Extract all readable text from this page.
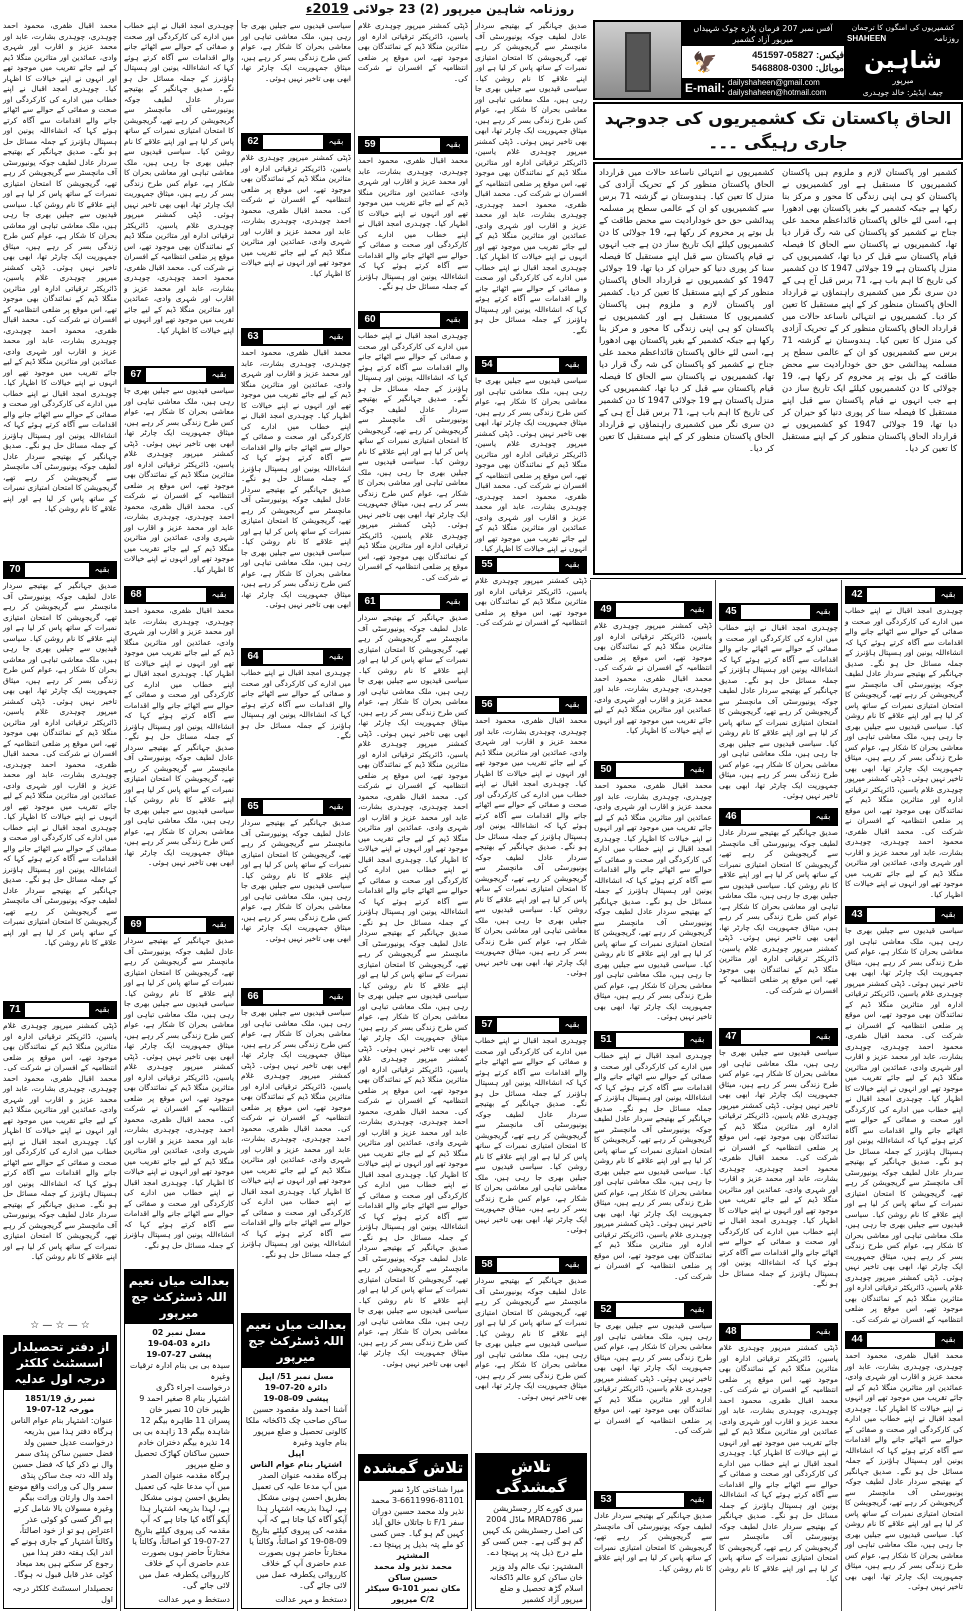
روزنامہ شاہین میرپور (2) 23 جولائی 2019ء
آفس نمبر 207 فرمان پلازہ چوک شہیداں میرپور آزاد کشمیر
🦅	فیکس: 05827-451597
موبائل: 0300-5468808
E-mail: dailyshaheen@gmail.com
dailyshaheen@hotmail.com
کشمیریوں کی امنگوں کا ترجمان
روزنامہ
SHAHEEN
شاہین
میرپور
چیف ایڈیٹر: خالد چوہدری
الحاق پاکستان تک کشمیریوں کی جدوجہد جاری رہیگی ۔۔۔
کشمیر اور پاکستان لازم و ملزوم ہیں پاکستان کشمیریوں کا مستقبل ہے اور کشمیریوں نے پاکستان کو ہی اپنی زندگی کا محور و مرکز بنا رکھا ہے جبکہ کشمیر کے بغیر پاکستان بھی ادھورا ہے، اسی لئے خالق پاکستان قائداعظم محمد علی جناح نے کشمیر کو پاکستان کی شہ رگ قرار دیا تھا، کشمیریوں نے پاکستان سے الحاق کا فیصلہ قیام پاکستان سے قبل کر دیا تھا، کشمیریوں کی منزل پاکستان ہے 19 جولائی 1947 کا دن کشمیر کی تاریخ کا اہم باب ہے، 71 برس قبل آج ہی کے دن سری نگر میں کشمیری راہنماؤں نے قرارداد الحاق پاکستان منظور کر کے اپنے مستقبل کا تعین کر دیا۔ کشمیریوں نے انتہائی ناساعد حالات میں قرارداد الحاق پاکستان منظور کر کے تحریک آزادی کی منزل کا تعین کیا۔ ہندوستان نے گزشتہ 71 برس سے کشمیریوں کو ان کے عالمی سطح پر مسلمہ پیدائشی حق حق خودارادیت سے محض طاقت کے بل بوتے پر محروم کر رکھا ہے، 19 جولائی کا دن کشمیریوں کیلئے ایک تاریخ ساز دن ہے جب انہوں نے قیام پاکستان سے قبل اپنے مستقبل کا فیصلہ سنا کر پوری دنیا کو حیران کر دیا تھا، 19 جولائی 1947 کو کشمیریوں نے قرارداد الحاق پاکستان منظور کر کے اپنے مستقبل کا تعین کر دیا۔
کشمیریوں نے انتہائی ناساعد حالات میں قرارداد الحاق پاکستان منظور کر کے تحریک آزادی کی منزل کا تعین کیا۔ ہندوستان نے گزشتہ 71 برس سے کشمیریوں کو ان کے عالمی سطح پر مسلمہ پیدائشی حق حق خودارادیت سے محض طاقت کے بل بوتے پر محروم کر رکھا ہے، 19 جولائی کا دن کشمیریوں کیلئے ایک تاریخ ساز دن ہے جب انہوں نے قیام پاکستان سے قبل اپنے مستقبل کا فیصلہ سنا کر پوری دنیا کو حیران کر دیا تھا، 19 جولائی 1947 کو کشمیریوں نے قرارداد الحاق پاکستان منظور کر کے اپنے مستقبل کا تعین کر دیا۔ کشمیر اور پاکستان لازم و ملزوم ہیں پاکستان کشمیریوں کا مستقبل ہے اور کشمیریوں نے پاکستان کو ہی اپنی زندگی کا محور و مرکز بنا رکھا ہے جبکہ کشمیر کے بغیر پاکستان بھی ادھورا ہے، اسی لئے خالق پاکستان قائداعظم محمد علی جناح نے کشمیر کو پاکستان کی شہ رگ قرار دیا تھا، کشمیریوں نے پاکستان سے الحاق کا فیصلہ قیام پاکستان سے قبل کر دیا تھا، کشمیریوں کی منزل پاکستان ہے 19 جولائی 1947 کا دن کشمیر کی تاریخ کا اہم باب ہے، 71 برس قبل آج ہی کے دن سری نگر میں کشمیری راہنماؤں نے قرارداد الحاق پاکستان منظور کر کے اپنے مستقبل کا تعین کر دیا۔
محمد اقبال ظفری، محمود احمد چوہدری، چوہدری بشارت، عابد اور محمد عزیز و اقارب اور شہری وادی، عمائدین اور متاثرین منگلا ڈیم کے لیے جائے تقریب میں موجود تھے اور انہوں نے اپنے خیالات کا اظہار کیا۔ چوہدری امجد اقبال نے اپنے خطاب میں ادارے کی کارکردگی اور صحت و صفائی کے حوالے سے اٹھائے جانے والے اقدامات سے آگاہ کرتے ہوئے کہا کہ انشاءاللہ یونین اور ہسپتال ہاؤنرز کے جملہ مسائل حل ہو نگے۔ صدیق جہانگیر کے بھتیجے سردار عادل لطیف جوکہ یونیورسٹی آف مانچسٹر سے گریجویشن کر رہے تھے، گریجویشن کا امتحان امتیازی نمبرات کے ساتھ پاس کر لیا ہے اور اپنے علاقے کا نام روشن کیا۔ سیاسی قیدیوں سے جیلیں بھری جا رہی ہیں، ملک معاشی تباہی اور معاشی بحران کا شکار ہے، عوام کس طرح زندگی بسر کر رہے ہیں، میثاق جمہوریت ایک چارٹر تھا، ابھی بھی تاخیر نہیں ہوئی۔ ڈپٹی کمشنر میرپور چوہدری غلام یاسین، ڈائریکٹر ترقیاتی ادارہ اور متاثرین منگلا ڈیم کے نمائندگان بھی موجود تھے، اس موقع پر ضلعی انتظامیہ کے افسران نے شرکت کی۔ محمد اقبال ظفری، محمود احمد چوہدری، چوہدری بشارت، عابد اور محمد عزیز و اقارب اور شہری وادی، عمائدین اور متاثرین منگلا ڈیم کے لیے جائے تقریب میں موجود تھے اور انہوں نے اپنے خیالات کا اظہار کیا۔ چوہدری امجد اقبال نے اپنے خطاب میں ادارے کی کارکردگی اور صحت و صفائی کے حوالے سے اٹھائے جانے والے اقدامات سے آگاہ کرتے ہوئے کہا کہ انشاءاللہ یونین اور ہسپتال ہاؤنرز کے جملہ مسائل حل ہو نگے۔ صدیق جہانگیر کے بھتیجے سردار عادل لطیف جوکہ یونیورسٹی آف مانچسٹر سے گریجویشن کر رہے تھے، گریجویشن کا امتحان امتیازی نمبرات کے ساتھ پاس کر لیا ہے اور اپنے علاقے کا نام روشن کیا۔
70	بقیہ
صدیق جہانگیر کے بھتیجے سردار عادل لطیف جوکہ یونیورسٹی آف مانچسٹر سے گریجویشن کر رہے تھے، گریجویشن کا امتحان امتیازی نمبرات کے ساتھ پاس کر لیا ہے اور اپنے علاقے کا نام روشن کیا۔ سیاسی قیدیوں سے جیلیں بھری جا رہی ہیں، ملک معاشی تباہی اور معاشی بحران کا شکار ہے، عوام کس طرح زندگی بسر کر رہے ہیں، میثاق جمہوریت ایک چارٹر تھا، ابھی بھی تاخیر نہیں ہوئی۔ ڈپٹی کمشنر میرپور چوہدری غلام یاسین، ڈائریکٹر ترقیاتی ادارہ اور متاثرین منگلا ڈیم کے نمائندگان بھی موجود تھے، اس موقع پر ضلعی انتظامیہ کے افسران نے شرکت کی۔ محمد اقبال ظفری، محمود احمد چوہدری، چوہدری بشارت، عابد اور محمد عزیز و اقارب اور شہری وادی، عمائدین اور متاثرین منگلا ڈیم کے لیے جائے تقریب میں موجود تھے اور انہوں نے اپنے خیالات کا اظہار کیا۔ چوہدری امجد اقبال نے اپنے خطاب میں ادارے کی کارکردگی اور صحت و صفائی کے حوالے سے اٹھائے جانے والے اقدامات سے آگاہ کرتے ہوئے کہا کہ انشاءاللہ یونین اور ہسپتال ہاؤنرز کے جملہ مسائل حل ہو نگے۔ صدیق جہانگیر کے بھتیجے سردار عادل لطیف جوکہ یونیورسٹی آف مانچسٹر سے گریجویشن کر رہے تھے، گریجویشن کا امتحان امتیازی نمبرات کے ساتھ پاس کر لیا ہے اور اپنے علاقے کا نام روشن کیا۔
71	بقیہ
ڈپٹی کمشنر میرپور چوہدری غلام یاسین، ڈائریکٹر ترقیاتی ادارہ اور متاثرین منگلا ڈیم کے نمائندگان بھی موجود تھے، اس موقع پر ضلعی انتظامیہ کے افسران نے شرکت کی۔ محمد اقبال ظفری، محمود احمد چوہدری، چوہدری بشارت، عابد اور محمد عزیز و اقارب اور شہری وادی، عمائدین اور متاثرین منگلا ڈیم کے لیے جائے تقریب میں موجود تھے اور انہوں نے اپنے خیالات کا اظہار کیا۔ چوہدری امجد اقبال نے اپنے خطاب میں ادارے کی کارکردگی اور صحت و صفائی کے حوالے سے اٹھائے جانے والے اقدامات سے آگاہ کرتے ہوئے کہا کہ انشاءاللہ یونین اور ہسپتال ہاؤنرز کے جملہ مسائل حل ہو نگے۔ صدیق جہانگیر کے بھتیجے سردار عادل لطیف جوکہ یونیورسٹی آف مانچسٹر سے گریجویشن کر رہے تھے، گریجویشن کا امتحان امتیازی نمبرات کے ساتھ پاس کر لیا ہے اور اپنے علاقے کا نام روشن کیا۔
☆ — ☆ — ☆
از دفتر تحصیلدار اسسٹنٹ کلکٹر درجہ اول عدلیہ
نمبر رق 1851/19
مورخہ 12-07-19
عنوان: اشتہار بنام عوام الناس
ہرگاہ دفتر ہذا میں بذریعہ درخواست عدیل حسین ولد فضل حسین ساکن پنڈی سمر وال نے ذکر کیا کہ فضل حسین ولد اللہ دتہ جٹ ساکن پنڈی سمر وال کی وراثت واقع موضع احمد وال وارثان وراثت بیگم وغیرہ مسولان بالا شامل کرتے ہے اگر کسی کو کوئی عذر اعتراض ہو تو از خود اصالتاً، وکالتاً اشتہار کے جاری ہونے کے اندر ایک ہفتہ دفتر ہذا میں رجوع کر سکتے ہیں بعد میعاد کوئی عذر قابل قبول نہ ہوگا۔
تحصیلدار اسسٹنٹ کلکٹر درجہ اول
چوہدری امجد اقبال نے اپنے خطاب میں ادارے کی کارکردگی اور صحت و صفائی کے حوالے سے اٹھائے جانے والے اقدامات سے آگاہ کرتے ہوئے کہا کہ انشاءاللہ یونین اور ہسپتال ہاؤنرز کے جملہ مسائل حل ہو نگے۔ صدیق جہانگیر کے بھتیجے سردار عادل لطیف جوکہ یونیورسٹی آف مانچسٹر سے گریجویشن کر رہے تھے، گریجویشن کا امتحان امتیازی نمبرات کے ساتھ پاس کر لیا ہے اور اپنے علاقے کا نام روشن کیا۔ سیاسی قیدیوں سے جیلیں بھری جا رہی ہیں، ملک معاشی تباہی اور معاشی بحران کا شکار ہے، عوام کس طرح زندگی بسر کر رہے ہیں، میثاق جمہوریت ایک چارٹر تھا، ابھی بھی تاخیر نہیں ہوئی۔ ڈپٹی کمشنر میرپور چوہدری غلام یاسین، ڈائریکٹر ترقیاتی ادارہ اور متاثرین منگلا ڈیم کے نمائندگان بھی موجود تھے، اس موقع پر ضلعی انتظامیہ کے افسران نے شرکت کی۔ محمد اقبال ظفری، محمود احمد چوہدری، چوہدری بشارت، عابد اور محمد عزیز و اقارب اور شہری وادی، عمائدین اور متاثرین منگلا ڈیم کے لیے جائے تقریب میں موجود تھے اور انہوں نے اپنے خیالات کا اظہار کیا۔
67	بقیہ
سیاسی قیدیوں سے جیلیں بھری جا رہی ہیں، ملک معاشی تباہی اور معاشی بحران کا شکار ہے، عوام کس طرح زندگی بسر کر رہے ہیں، میثاق جمہوریت ایک چارٹر تھا، ابھی بھی تاخیر نہیں ہوئی۔ ڈپٹی کمشنر میرپور چوہدری غلام یاسین، ڈائریکٹر ترقیاتی ادارہ اور متاثرین منگلا ڈیم کے نمائندگان بھی موجود تھے، اس موقع پر ضلعی انتظامیہ کے افسران نے شرکت کی۔ محمد اقبال ظفری، محمود احمد چوہدری، چوہدری بشارت، عابد اور محمد عزیز و اقارب اور شہری وادی، عمائدین اور متاثرین منگلا ڈیم کے لیے جائے تقریب میں موجود تھے اور انہوں نے اپنے خیالات کا اظہار کیا۔
68	بقیہ
محمد اقبال ظفری، محمود احمد چوہدری، چوہدری بشارت، عابد اور محمد عزیز و اقارب اور شہری وادی، عمائدین اور متاثرین منگلا ڈیم کے لیے جائے تقریب میں موجود تھے اور انہوں نے اپنے خیالات کا اظہار کیا۔ چوہدری امجد اقبال نے اپنے خطاب میں ادارے کی کارکردگی اور صحت و صفائی کے حوالے سے اٹھائے جانے والے اقدامات سے آگاہ کرتے ہوئے کہا کہ انشاءاللہ یونین اور ہسپتال ہاؤنرز کے جملہ مسائل حل ہو نگے۔ صدیق جہانگیر کے بھتیجے سردار عادل لطیف جوکہ یونیورسٹی آف مانچسٹر سے گریجویشن کر رہے تھے، گریجویشن کا امتحان امتیازی نمبرات کے ساتھ پاس کر لیا ہے اور اپنے علاقے کا نام روشن کیا۔ سیاسی قیدیوں سے جیلیں بھری جا رہی ہیں، ملک معاشی تباہی اور معاشی بحران کا شکار ہے، عوام کس طرح زندگی بسر کر رہے ہیں، میثاق جمہوریت ایک چارٹر تھا، ابھی بھی تاخیر نہیں ہوئی۔
69	بقیہ
صدیق جہانگیر کے بھتیجے سردار عادل لطیف جوکہ یونیورسٹی آف مانچسٹر سے گریجویشن کر رہے تھے، گریجویشن کا امتحان امتیازی نمبرات کے ساتھ پاس کر لیا ہے اور اپنے علاقے کا نام روشن کیا۔ سیاسی قیدیوں سے جیلیں بھری جا رہی ہیں، ملک معاشی تباہی اور معاشی بحران کا شکار ہے، عوام کس طرح زندگی بسر کر رہے ہیں، میثاق جمہوریت ایک چارٹر تھا، ابھی بھی تاخیر نہیں ہوئی۔ ڈپٹی کمشنر میرپور چوہدری غلام یاسین، ڈائریکٹر ترقیاتی ادارہ اور متاثرین منگلا ڈیم کے نمائندگان بھی موجود تھے، اس موقع پر ضلعی انتظامیہ کے افسران نے شرکت کی۔ محمد اقبال ظفری، محمود احمد چوہدری، چوہدری بشارت، عابد اور محمد عزیز و اقارب اور شہری وادی، عمائدین اور متاثرین منگلا ڈیم کے لیے جائے تقریب میں موجود تھے اور انہوں نے اپنے خیالات کا اظہار کیا۔ چوہدری امجد اقبال نے اپنے خطاب میں ادارے کی کارکردگی اور صحت و صفائی کے حوالے سے اٹھائے جانے والے اقدامات سے آگاہ کرتے ہوئے کہا کہ انشاءاللہ یونین اور ہسپتال ہاؤنرز کے جملہ مسائل حل ہو نگے۔
بعدالت میاں نعیم اللہ ڈسٹرکٹ جج
میرپور
مسل نمبر 02
دائرہ 03-04-19
پیشی 27-07-19
سیدہ بی بی بنام ادارہ ترقیات وغیرہ
درخواست اجراء ڈگری
اشتہار بنام 8 صغیر احمد 9 ظہیر خان 10 نصیر خان پسران 11 طاہرہ بیگم 12 شاہدہ بیگم 13 زاہدہ بی بی 14 نذیرہ بیگم دختران خادم حسین ساکنان کھاڑک تحصیل و ضلع میرپور
ہرگاہ مقدمہ عنوان الصدر میں آپ مدعا علیہ کی تعمیل بطریق احسن ہونی مشکل ہے، لہذا بذریعہ اشتہار ہذا آپکو آگاہ کیا جاتا ہے کہ آپ مقدمہ کی پیروی کیلئے بتاریخ 27-07-19 کو اصالتاً، وکالتاً یا مختارتاً حاضر ہوں بصورت عدم حاضری آپ کے خلاف کارروائی یکطرفہ عمل میں لائی جائے گی۔
دستخط و مہر عدالت
سیاسی قیدیوں سے جیلیں بھری جا رہی ہیں، ملک معاشی تباہی اور معاشی بحران کا شکار ہے، عوام کس طرح زندگی بسر کر رہے ہیں، میثاق جمہوریت ایک چارٹر تھا، ابھی بھی تاخیر نہیں ہوئی۔
62	بقیہ
ڈپٹی کمشنر میرپور چوہدری غلام یاسین، ڈائریکٹر ترقیاتی ادارہ اور متاثرین منگلا ڈیم کے نمائندگان بھی موجود تھے، اس موقع پر ضلعی انتظامیہ کے افسران نے شرکت کی۔ محمد اقبال ظفری، محمود احمد چوہدری، چوہدری بشارت، عابد اور محمد عزیز و اقارب اور شہری وادی، عمائدین اور متاثرین منگلا ڈیم کے لیے جائے تقریب میں موجود تھے اور انہوں نے اپنے خیالات کا اظہار کیا۔
63	بقیہ
محمد اقبال ظفری، محمود احمد چوہدری، چوہدری بشارت، عابد اور محمد عزیز و اقارب اور شہری وادی، عمائدین اور متاثرین منگلا ڈیم کے لیے جائے تقریب میں موجود تھے اور انہوں نے اپنے خیالات کا اظہار کیا۔ چوہدری امجد اقبال نے اپنے خطاب میں ادارے کی کارکردگی اور صحت و صفائی کے حوالے سے اٹھائے جانے والے اقدامات سے آگاہ کرتے ہوئے کہا کہ انشاءاللہ یونین اور ہسپتال ہاؤنرز کے جملہ مسائل حل ہو نگے۔ صدیق جہانگیر کے بھتیجے سردار عادل لطیف جوکہ یونیورسٹی آف مانچسٹر سے گریجویشن کر رہے تھے، گریجویشن کا امتحان امتیازی نمبرات کے ساتھ پاس کر لیا ہے اور اپنے علاقے کا نام روشن کیا۔ سیاسی قیدیوں سے جیلیں بھری جا رہی ہیں، ملک معاشی تباہی اور معاشی بحران کا شکار ہے، عوام کس طرح زندگی بسر کر رہے ہیں، میثاق جمہوریت ایک چارٹر تھا، ابھی بھی تاخیر نہیں ہوئی۔
64	بقیہ
چوہدری امجد اقبال نے اپنے خطاب میں ادارے کی کارکردگی اور صحت و صفائی کے حوالے سے اٹھائے جانے والے اقدامات سے آگاہ کرتے ہوئے کہا کہ انشاءاللہ یونین اور ہسپتال ہاؤنرز کے جملہ مسائل حل ہو نگے۔
65	بقیہ
صدیق جہانگیر کے بھتیجے سردار عادل لطیف جوکہ یونیورسٹی آف مانچسٹر سے گریجویشن کر رہے تھے، گریجویشن کا امتحان امتیازی نمبرات کے ساتھ پاس کر لیا ہے اور اپنے علاقے کا نام روشن کیا۔ سیاسی قیدیوں سے جیلیں بھری جا رہی ہیں، ملک معاشی تباہی اور معاشی بحران کا شکار ہے، عوام کس طرح زندگی بسر کر رہے ہیں، میثاق جمہوریت ایک چارٹر تھا، ابھی بھی تاخیر نہیں ہوئی۔
66	بقیہ
سیاسی قیدیوں سے جیلیں بھری جا رہی ہیں، ملک معاشی تباہی اور معاشی بحران کا شکار ہے، عوام کس طرح زندگی بسر کر رہے ہیں، میثاق جمہوریت ایک چارٹر تھا، ابھی بھی تاخیر نہیں ہوئی۔ ڈپٹی کمشنر میرپور چوہدری غلام یاسین، ڈائریکٹر ترقیاتی ادارہ اور متاثرین منگلا ڈیم کے نمائندگان بھی موجود تھے، اس موقع پر ضلعی انتظامیہ کے افسران نے شرکت کی۔ محمد اقبال ظفری، محمود احمد چوہدری، چوہدری بشارت، عابد اور محمد عزیز و اقارب اور شہری وادی، عمائدین اور متاثرین منگلا ڈیم کے لیے جائے تقریب میں موجود تھے اور انہوں نے اپنے خیالات کا اظہار کیا۔ چوہدری امجد اقبال نے اپنے خطاب میں ادارے کی کارکردگی اور صحت و صفائی کے حوالے سے اٹھائے جانے والے اقدامات سے آگاہ کرتے ہوئے کہا کہ انشاءاللہ یونین اور ہسپتال ہاؤنرز کے جملہ مسائل حل ہو نگے۔
بعدالت میاں نعیم اللہ ڈسٹرکٹ جج
میرپور
مسل نمبر 51/ اپیل
دائرہ 20-07-19
پیشی 09-08-19
آشنا احمد ولد مقصود حسین ساکن صاحب چک ڈاکخانہ ملکا کالونی تحصیل و ضلع میرپور بنام جاوید وغیرہ
اپیل
اشتہار بنام عوام الناس
ہرگاہ مقدمہ عنوان الصدر میں آپ مدعا علیہ کی تعمیل بطریق احسن ہونی مشکل ہے، لہذا بذریعہ اشتہار ہذا آپکو آگاہ کیا جاتا ہے کہ آپ مقدمہ کی پیروی کیلئے بتاریخ 09-08-19 کو اصالتاً، وکالتاً یا مختارتاً حاضر ہوں بصورت عدم حاضری آپ کے خلاف کارروائی یکطرفہ عمل میں لائی جائے گی۔
دستخط و مہر عدالت
ڈپٹی کمشنر میرپور چوہدری غلام یاسین، ڈائریکٹر ترقیاتی ادارہ اور متاثرین منگلا ڈیم کے نمائندگان بھی موجود تھے، اس موقع پر ضلعی انتظامیہ کے افسران نے شرکت کی۔
59	بقیہ
محمد اقبال ظفری، محمود احمد چوہدری، چوہدری بشارت، عابد اور محمد عزیز و اقارب اور شہری وادی، عمائدین اور متاثرین منگلا ڈیم کے لیے جائے تقریب میں موجود تھے اور انہوں نے اپنے خیالات کا اظہار کیا۔ چوہدری امجد اقبال نے اپنے خطاب میں ادارے کی کارکردگی اور صحت و صفائی کے حوالے سے اٹھائے جانے والے اقدامات سے آگاہ کرتے ہوئے کہا کہ انشاءاللہ یونین اور ہسپتال ہاؤنرز کے جملہ مسائل حل ہو نگے۔
60	بقیہ
چوہدری امجد اقبال نے اپنے خطاب میں ادارے کی کارکردگی اور صحت و صفائی کے حوالے سے اٹھائے جانے والے اقدامات سے آگاہ کرتے ہوئے کہا کہ انشاءاللہ یونین اور ہسپتال ہاؤنرز کے جملہ مسائل حل ہو نگے۔ صدیق جہانگیر کے بھتیجے سردار عادل لطیف جوکہ یونیورسٹی آف مانچسٹر سے گریجویشن کر رہے تھے، گریجویشن کا امتحان امتیازی نمبرات کے ساتھ پاس کر لیا ہے اور اپنے علاقے کا نام روشن کیا۔ سیاسی قیدیوں سے جیلیں بھری جا رہی ہیں، ملک معاشی تباہی اور معاشی بحران کا شکار ہے، عوام کس طرح زندگی بسر کر رہے ہیں، میثاق جمہوریت ایک چارٹر تھا، ابھی بھی تاخیر نہیں ہوئی۔ ڈپٹی کمشنر میرپور چوہدری غلام یاسین، ڈائریکٹر ترقیاتی ادارہ اور متاثرین منگلا ڈیم کے نمائندگان بھی موجود تھے، اس موقع پر ضلعی انتظامیہ کے افسران نے شرکت کی۔
61	بقیہ
صدیق جہانگیر کے بھتیجے سردار عادل لطیف جوکہ یونیورسٹی آف مانچسٹر سے گریجویشن کر رہے تھے، گریجویشن کا امتحان امتیازی نمبرات کے ساتھ پاس کر لیا ہے اور اپنے علاقے کا نام روشن کیا۔ سیاسی قیدیوں سے جیلیں بھری جا رہی ہیں، ملک معاشی تباہی اور معاشی بحران کا شکار ہے، عوام کس طرح زندگی بسر کر رہے ہیں، میثاق جمہوریت ایک چارٹر تھا، ابھی بھی تاخیر نہیں ہوئی۔ ڈپٹی کمشنر میرپور چوہدری غلام یاسین، ڈائریکٹر ترقیاتی ادارہ اور متاثرین منگلا ڈیم کے نمائندگان بھی موجود تھے، اس موقع پر ضلعی انتظامیہ کے افسران نے شرکت کی۔ محمد اقبال ظفری، محمود احمد چوہدری، چوہدری بشارت، عابد اور محمد عزیز و اقارب اور شہری وادی، عمائدین اور متاثرین منگلا ڈیم کے لیے جائے تقریب میں موجود تھے اور انہوں نے اپنے خیالات کا اظہار کیا۔ چوہدری امجد اقبال نے اپنے خطاب میں ادارے کی کارکردگی اور صحت و صفائی کے حوالے سے اٹھائے جانے والے اقدامات سے آگاہ کرتے ہوئے کہا کہ انشاءاللہ یونین اور ہسپتال ہاؤنرز کے جملہ مسائل حل ہو نگے۔ صدیق جہانگیر کے بھتیجے سردار عادل لطیف جوکہ یونیورسٹی آف مانچسٹر سے گریجویشن کر رہے تھے، گریجویشن کا امتحان امتیازی نمبرات کے ساتھ پاس کر لیا ہے اور اپنے علاقے کا نام روشن کیا۔ سیاسی قیدیوں سے جیلیں بھری جا رہی ہیں، ملک معاشی تباہی اور معاشی بحران کا شکار ہے، عوام کس طرح زندگی بسر کر رہے ہیں، میثاق جمہوریت ایک چارٹر تھا، ابھی بھی تاخیر نہیں ہوئی۔ ڈپٹی کمشنر میرپور چوہدری غلام یاسین، ڈائریکٹر ترقیاتی ادارہ اور متاثرین منگلا ڈیم کے نمائندگان بھی موجود تھے، اس موقع پر ضلعی انتظامیہ کے افسران نے شرکت کی۔ محمد اقبال ظفری، محمود احمد چوہدری، چوہدری بشارت، عابد اور محمد عزیز و اقارب اور شہری وادی، عمائدین اور متاثرین منگلا ڈیم کے لیے جائے تقریب میں موجود تھے اور انہوں نے اپنے خیالات کا اظہار کیا۔ چوہدری امجد اقبال نے اپنے خطاب میں ادارے کی کارکردگی اور صحت و صفائی کے حوالے سے اٹھائے جانے والے اقدامات سے آگاہ کرتے ہوئے کہا کہ انشاءاللہ یونین اور ہسپتال ہاؤنرز کے جملہ مسائل حل ہو نگے۔ صدیق جہانگیر کے بھتیجے سردار عادل لطیف جوکہ یونیورسٹی آف مانچسٹر سے گریجویشن کر رہے تھے، گریجویشن کا امتحان امتیازی نمبرات کے ساتھ پاس کر لیا ہے اور اپنے علاقے کا نام روشن کیا۔ سیاسی قیدیوں سے جیلیں بھری جا رہی ہیں، ملک معاشی تباہی اور معاشی بحران کا شکار ہے، عوام کس طرح زندگی بسر کر رہے ہیں، میثاق جمہوریت ایک چارٹر تھا، ابھی بھی تاخیر نہیں ہوئی۔
تلاش گمشدہ
میرا شناختی کارڈ نمبر 81101-6611996-3 محمد نذیر ولد محمد حسین دوران سفر F/1 تا جاتلاں خالق آباد کہیں گم ہو گیا۔ جس کسی کو ملے پتہ بذیل پر پہنچا دے۔
المشتہر
محمد نذیر ولد محمد حسین ساکن
مکان نمبر 101-G سیکٹر C/2 میرپور
صدیق جہانگیر کے بھتیجے سردار عادل لطیف جوکہ یونیورسٹی آف مانچسٹر سے گریجویشن کر رہے تھے، گریجویشن کا امتحان امتیازی نمبرات کے ساتھ پاس کر لیا ہے اور اپنے علاقے کا نام روشن کیا۔ سیاسی قیدیوں سے جیلیں بھری جا رہی ہیں، ملک معاشی تباہی اور معاشی بحران کا شکار ہے، عوام کس طرح زندگی بسر کر رہے ہیں، میثاق جمہوریت ایک چارٹر تھا، ابھی بھی تاخیر نہیں ہوئی۔ ڈپٹی کمشنر میرپور چوہدری غلام یاسین، ڈائریکٹر ترقیاتی ادارہ اور متاثرین منگلا ڈیم کے نمائندگان بھی موجود تھے، اس موقع پر ضلعی انتظامیہ کے افسران نے شرکت کی۔ محمد اقبال ظفری، محمود احمد چوہدری، چوہدری بشارت، عابد اور محمد عزیز و اقارب اور شہری وادی، عمائدین اور متاثرین منگلا ڈیم کے لیے جائے تقریب میں موجود تھے اور انہوں نے اپنے خیالات کا اظہار کیا۔ چوہدری امجد اقبال نے اپنے خطاب میں ادارے کی کارکردگی اور صحت و صفائی کے حوالے سے اٹھائے جانے والے اقدامات سے آگاہ کرتے ہوئے کہا کہ انشاءاللہ یونین اور ہسپتال ہاؤنرز کے جملہ مسائل حل ہو نگے۔
54	بقیہ
سیاسی قیدیوں سے جیلیں بھری جا رہی ہیں، ملک معاشی تباہی اور معاشی بحران کا شکار ہے، عوام کس طرح زندگی بسر کر رہے ہیں، میثاق جمہوریت ایک چارٹر تھا، ابھی بھی تاخیر نہیں ہوئی۔ ڈپٹی کمشنر میرپور چوہدری غلام یاسین، ڈائریکٹر ترقیاتی ادارہ اور متاثرین منگلا ڈیم کے نمائندگان بھی موجود تھے، اس موقع پر ضلعی انتظامیہ کے افسران نے شرکت کی۔ محمد اقبال ظفری، محمود احمد چوہدری، چوہدری بشارت، عابد اور محمد عزیز و اقارب اور شہری وادی، عمائدین اور متاثرین منگلا ڈیم کے لیے جائے تقریب میں موجود تھے اور انہوں نے اپنے خیالات کا اظہار کیا۔
55	بقیہ
ڈپٹی کمشنر میرپور چوہدری غلام یاسین، ڈائریکٹر ترقیاتی ادارہ اور متاثرین منگلا ڈیم کے نمائندگان بھی موجود تھے، اس موقع پر ضلعی انتظامیہ کے افسران نے شرکت کی۔
56	بقیہ
محمد اقبال ظفری، محمود احمد چوہدری، چوہدری بشارت، عابد اور محمد عزیز و اقارب اور شہری وادی، عمائدین اور متاثرین منگلا ڈیم کے لیے جائے تقریب میں موجود تھے اور انہوں نے اپنے خیالات کا اظہار کیا۔ چوہدری امجد اقبال نے اپنے خطاب میں ادارے کی کارکردگی اور صحت و صفائی کے حوالے سے اٹھائے جانے والے اقدامات سے آگاہ کرتے ہوئے کہا کہ انشاءاللہ یونین اور ہسپتال ہاؤنرز کے جملہ مسائل حل ہو نگے۔ صدیق جہانگیر کے بھتیجے سردار عادل لطیف جوکہ یونیورسٹی آف مانچسٹر سے گریجویشن کر رہے تھے، گریجویشن کا امتحان امتیازی نمبرات کے ساتھ پاس کر لیا ہے اور اپنے علاقے کا نام روشن کیا۔ سیاسی قیدیوں سے جیلیں بھری جا رہی ہیں، ملک معاشی تباہی اور معاشی بحران کا شکار ہے، عوام کس طرح زندگی بسر کر رہے ہیں، میثاق جمہوریت ایک چارٹر تھا، ابھی بھی تاخیر نہیں ہوئی۔
57	بقیہ
چوہدری امجد اقبال نے اپنے خطاب میں ادارے کی کارکردگی اور صحت و صفائی کے حوالے سے اٹھائے جانے والے اقدامات سے آگاہ کرتے ہوئے کہا کہ انشاءاللہ یونین اور ہسپتال ہاؤنرز کے جملہ مسائل حل ہو نگے۔ صدیق جہانگیر کے بھتیجے سردار عادل لطیف جوکہ یونیورسٹی آف مانچسٹر سے گریجویشن کر رہے تھے، گریجویشن کا امتحان امتیازی نمبرات کے ساتھ پاس کر لیا ہے اور اپنے علاقے کا نام روشن کیا۔ سیاسی قیدیوں سے جیلیں بھری جا رہی ہیں، ملک معاشی تباہی اور معاشی بحران کا شکار ہے، عوام کس طرح زندگی بسر کر رہے ہیں، میثاق جمہوریت ایک چارٹر تھا، ابھی بھی تاخیر نہیں ہوئی۔
58	بقیہ
صدیق جہانگیر کے بھتیجے سردار عادل لطیف جوکہ یونیورسٹی آف مانچسٹر سے گریجویشن کر رہے تھے، گریجویشن کا امتحان امتیازی نمبرات کے ساتھ پاس کر لیا ہے اور اپنے علاقے کا نام روشن کیا۔ سیاسی قیدیوں سے جیلیں بھری جا رہی ہیں، ملک معاشی تباہی اور معاشی بحران کا شکار ہے، عوام کس طرح زندگی بسر کر رہے ہیں، میثاق جمہوریت ایک چارٹر تھا، ابھی بھی تاخیر نہیں ہوئی۔
تلاش گمشدگی
میری کورے کار رجسٹریشن نمبر MRAD786 ماڈل 2004 کی اصل رجسٹریشن بک کہیں گم ہو گئی ہے۔ جس کسی کو ملے درج ذیل پتہ پر پہنچا دے۔
المشتہر: نیک عالم ولد وزیر خان ساکن کرو عالم ڈاکخانہ اسلام گڑھ تحصیل و ضلع میرپور آزاد کشمیر
49	بقیہ
ڈپٹی کمشنر میرپور چوہدری غلام یاسین، ڈائریکٹر ترقیاتی ادارہ اور متاثرین منگلا ڈیم کے نمائندگان بھی موجود تھے، اس موقع پر ضلعی انتظامیہ کے افسران نے شرکت کی۔ محمد اقبال ظفری، محمود احمد چوہدری، چوہدری بشارت، عابد اور محمد عزیز و اقارب اور شہری وادی، عمائدین اور متاثرین منگلا ڈیم کے لیے جائے تقریب میں موجود تھے اور انہوں نے اپنے خیالات کا اظہار کیا۔
50	بقیہ
محمد اقبال ظفری، محمود احمد چوہدری، چوہدری بشارت، عابد اور محمد عزیز و اقارب اور شہری وادی، عمائدین اور متاثرین منگلا ڈیم کے لیے جائے تقریب میں موجود تھے اور انہوں نے اپنے خیالات کا اظہار کیا۔ چوہدری امجد اقبال نے اپنے خطاب میں ادارے کی کارکردگی اور صحت و صفائی کے حوالے سے اٹھائے جانے والے اقدامات سے آگاہ کرتے ہوئے کہا کہ انشاءاللہ یونین اور ہسپتال ہاؤنرز کے جملہ مسائل حل ہو نگے۔ صدیق جہانگیر کے بھتیجے سردار عادل لطیف جوکہ یونیورسٹی آف مانچسٹر سے گریجویشن کر رہے تھے، گریجویشن کا امتحان امتیازی نمبرات کے ساتھ پاس کر لیا ہے اور اپنے علاقے کا نام روشن کیا۔ سیاسی قیدیوں سے جیلیں بھری جا رہی ہیں، ملک معاشی تباہی اور معاشی بحران کا شکار ہے، عوام کس طرح زندگی بسر کر رہے ہیں، میثاق جمہوریت ایک چارٹر تھا، ابھی بھی تاخیر نہیں ہوئی۔
51	بقیہ
چوہدری امجد اقبال نے اپنے خطاب میں ادارے کی کارکردگی اور صحت و صفائی کے حوالے سے اٹھائے جانے والے اقدامات سے آگاہ کرتے ہوئے کہا کہ انشاءاللہ یونین اور ہسپتال ہاؤنرز کے جملہ مسائل حل ہو نگے۔ صدیق جہانگیر کے بھتیجے سردار عادل لطیف جوکہ یونیورسٹی آف مانچسٹر سے گریجویشن کر رہے تھے، گریجویشن کا امتحان امتیازی نمبرات کے ساتھ پاس کر لیا ہے اور اپنے علاقے کا نام روشن کیا۔ سیاسی قیدیوں سے جیلیں بھری جا رہی ہیں، ملک معاشی تباہی اور معاشی بحران کا شکار ہے، عوام کس طرح زندگی بسر کر رہے ہیں، میثاق جمہوریت ایک چارٹر تھا، ابھی بھی تاخیر نہیں ہوئی۔ ڈپٹی کمشنر میرپور چوہدری غلام یاسین، ڈائریکٹر ترقیاتی ادارہ اور متاثرین منگلا ڈیم کے نمائندگان بھی موجود تھے، اس موقع پر ضلعی انتظامیہ کے افسران نے شرکت کی۔
52	بقیہ
سیاسی قیدیوں سے جیلیں بھری جا رہی ہیں، ملک معاشی تباہی اور معاشی بحران کا شکار ہے، عوام کس طرح زندگی بسر کر رہے ہیں، میثاق جمہوریت ایک چارٹر تھا، ابھی بھی تاخیر نہیں ہوئی۔ ڈپٹی کمشنر میرپور چوہدری غلام یاسین، ڈائریکٹر ترقیاتی ادارہ اور متاثرین منگلا ڈیم کے نمائندگان بھی موجود تھے، اس موقع پر ضلعی انتظامیہ کے افسران نے شرکت کی۔
53	بقیہ
صدیق جہانگیر کے بھتیجے سردار عادل لطیف جوکہ یونیورسٹی آف مانچسٹر سے گریجویشن کر رہے تھے، گریجویشن کا امتحان امتیازی نمبرات کے ساتھ پاس کر لیا ہے اور اپنے علاقے کا نام روشن کیا۔
45	بقیہ
چوہدری امجد اقبال نے اپنے خطاب میں ادارے کی کارکردگی اور صحت و صفائی کے حوالے سے اٹھائے جانے والے اقدامات سے آگاہ کرتے ہوئے کہا کہ انشاءاللہ یونین اور ہسپتال ہاؤنرز کے جملہ مسائل حل ہو نگے۔ صدیق جہانگیر کے بھتیجے سردار عادل لطیف جوکہ یونیورسٹی آف مانچسٹر سے گریجویشن کر رہے تھے، گریجویشن کا امتحان امتیازی نمبرات کے ساتھ پاس کر لیا ہے اور اپنے علاقے کا نام روشن کیا۔ سیاسی قیدیوں سے جیلیں بھری جا رہی ہیں، ملک معاشی تباہی اور معاشی بحران کا شکار ہے، عوام کس طرح زندگی بسر کر رہے ہیں، میثاق جمہوریت ایک چارٹر تھا، ابھی بھی تاخیر نہیں ہوئی۔
46	بقیہ
صدیق جہانگیر کے بھتیجے سردار عادل لطیف جوکہ یونیورسٹی آف مانچسٹر سے گریجویشن کر رہے تھے، گریجویشن کا امتحان امتیازی نمبرات کے ساتھ پاس کر لیا ہے اور اپنے علاقے کا نام روشن کیا۔ سیاسی قیدیوں سے جیلیں بھری جا رہی ہیں، ملک معاشی تباہی اور معاشی بحران کا شکار ہے، عوام کس طرح زندگی بسر کر رہے ہیں، میثاق جمہوریت ایک چارٹر تھا، ابھی بھی تاخیر نہیں ہوئی۔ ڈپٹی کمشنر میرپور چوہدری غلام یاسین، ڈائریکٹر ترقیاتی ادارہ اور متاثرین منگلا ڈیم کے نمائندگان بھی موجود تھے، اس موقع پر ضلعی انتظامیہ کے افسران نے شرکت کی۔
47	بقیہ
سیاسی قیدیوں سے جیلیں بھری جا رہی ہیں، ملک معاشی تباہی اور معاشی بحران کا شکار ہے، عوام کس طرح زندگی بسر کر رہے ہیں، میثاق جمہوریت ایک چارٹر تھا، ابھی بھی تاخیر نہیں ہوئی۔ ڈپٹی کمشنر میرپور چوہدری غلام یاسین، ڈائریکٹر ترقیاتی ادارہ اور متاثرین منگلا ڈیم کے نمائندگان بھی موجود تھے، اس موقع پر ضلعی انتظامیہ کے افسران نے شرکت کی۔ محمد اقبال ظفری، محمود احمد چوہدری، چوہدری بشارت، عابد اور محمد عزیز و اقارب اور شہری وادی، عمائدین اور متاثرین منگلا ڈیم کے لیے جائے تقریب میں موجود تھے اور انہوں نے اپنے خیالات کا اظہار کیا۔ چوہدری امجد اقبال نے اپنے خطاب میں ادارے کی کارکردگی اور صحت و صفائی کے حوالے سے اٹھائے جانے والے اقدامات سے آگاہ کرتے ہوئے کہا کہ انشاءاللہ یونین اور ہسپتال ہاؤنرز کے جملہ مسائل حل ہو نگے۔
48	بقیہ
ڈپٹی کمشنر میرپور چوہدری غلام یاسین، ڈائریکٹر ترقیاتی ادارہ اور متاثرین منگلا ڈیم کے نمائندگان بھی موجود تھے، اس موقع پر ضلعی انتظامیہ کے افسران نے شرکت کی۔ محمد اقبال ظفری، محمود احمد چوہدری، چوہدری بشارت، عابد اور محمد عزیز و اقارب اور شہری وادی، عمائدین اور متاثرین منگلا ڈیم کے لیے جائے تقریب میں موجود تھے اور انہوں نے اپنے خیالات کا اظہار کیا۔ چوہدری امجد اقبال نے اپنے خطاب میں ادارے کی کارکردگی اور صحت و صفائی کے حوالے سے اٹھائے جانے والے اقدامات سے آگاہ کرتے ہوئے کہا کہ انشاءاللہ یونین اور ہسپتال ہاؤنرز کے جملہ مسائل حل ہو نگے۔ صدیق جہانگیر کے بھتیجے سردار عادل لطیف جوکہ یونیورسٹی آف مانچسٹر سے گریجویشن کر رہے تھے، گریجویشن کا امتحان امتیازی نمبرات کے ساتھ پاس کر لیا ہے اور اپنے علاقے کا نام روشن کیا۔
42	بقیہ
چوہدری امجد اقبال نے اپنے خطاب میں ادارے کی کارکردگی اور صحت و صفائی کے حوالے سے اٹھائے جانے والے اقدامات سے آگاہ کرتے ہوئے کہا کہ انشاءاللہ یونین اور ہسپتال ہاؤنرز کے جملہ مسائل حل ہو نگے۔ صدیق جہانگیر کے بھتیجے سردار عادل لطیف جوکہ یونیورسٹی آف مانچسٹر سے گریجویشن کر رہے تھے، گریجویشن کا امتحان امتیازی نمبرات کے ساتھ پاس کر لیا ہے اور اپنے علاقے کا نام روشن کیا۔ سیاسی قیدیوں سے جیلیں بھری جا رہی ہیں، ملک معاشی تباہی اور معاشی بحران کا شکار ہے، عوام کس طرح زندگی بسر کر رہے ہیں، میثاق جمہوریت ایک چارٹر تھا، ابھی بھی تاخیر نہیں ہوئی۔ ڈپٹی کمشنر میرپور چوہدری غلام یاسین، ڈائریکٹر ترقیاتی ادارہ اور متاثرین منگلا ڈیم کے نمائندگان بھی موجود تھے، اس موقع پر ضلعی انتظامیہ کے افسران نے شرکت کی۔ محمد اقبال ظفری، محمود احمد چوہدری، چوہدری بشارت، عابد اور محمد عزیز و اقارب اور شہری وادی، عمائدین اور متاثرین منگلا ڈیم کے لیے جائے تقریب میں موجود تھے اور انہوں نے اپنے خیالات کا اظہار کیا۔
43	بقیہ
سیاسی قیدیوں سے جیلیں بھری جا رہی ہیں، ملک معاشی تباہی اور معاشی بحران کا شکار ہے، عوام کس طرح زندگی بسر کر رہے ہیں، میثاق جمہوریت ایک چارٹر تھا، ابھی بھی تاخیر نہیں ہوئی۔ ڈپٹی کمشنر میرپور چوہدری غلام یاسین، ڈائریکٹر ترقیاتی ادارہ اور متاثرین منگلا ڈیم کے نمائندگان بھی موجود تھے، اس موقع پر ضلعی انتظامیہ کے افسران نے شرکت کی۔ محمد اقبال ظفری، محمود احمد چوہدری، چوہدری بشارت، عابد اور محمد عزیز و اقارب اور شہری وادی، عمائدین اور متاثرین منگلا ڈیم کے لیے جائے تقریب میں موجود تھے اور انہوں نے اپنے خیالات کا اظہار کیا۔ چوہدری امجد اقبال نے اپنے خطاب میں ادارے کی کارکردگی اور صحت و صفائی کے حوالے سے اٹھائے جانے والے اقدامات سے آگاہ کرتے ہوئے کہا کہ انشاءاللہ یونین اور ہسپتال ہاؤنرز کے جملہ مسائل حل ہو نگے۔ صدیق جہانگیر کے بھتیجے سردار عادل لطیف جوکہ یونیورسٹی آف مانچسٹر سے گریجویشن کر رہے تھے، گریجویشن کا امتحان امتیازی نمبرات کے ساتھ پاس کر لیا ہے اور اپنے علاقے کا نام روشن کیا۔ سیاسی قیدیوں سے جیلیں بھری جا رہی ہیں، ملک معاشی تباہی اور معاشی بحران کا شکار ہے، عوام کس طرح زندگی بسر کر رہے ہیں، میثاق جمہوریت ایک چارٹر تھا، ابھی بھی تاخیر نہیں ہوئی۔ ڈپٹی کمشنر میرپور چوہدری غلام یاسین، ڈائریکٹر ترقیاتی ادارہ اور متاثرین منگلا ڈیم کے نمائندگان بھی موجود تھے، اس موقع پر ضلعی انتظامیہ کے افسران نے شرکت کی۔
44	بقیہ
محمد اقبال ظفری، محمود احمد چوہدری، چوہدری بشارت، عابد اور محمد عزیز و اقارب اور شہری وادی، عمائدین اور متاثرین منگلا ڈیم کے لیے جائے تقریب میں موجود تھے اور انہوں نے اپنے خیالات کا اظہار کیا۔ چوہدری امجد اقبال نے اپنے خطاب میں ادارے کی کارکردگی اور صحت و صفائی کے حوالے سے اٹھائے جانے والے اقدامات سے آگاہ کرتے ہوئے کہا کہ انشاءاللہ یونین اور ہسپتال ہاؤنرز کے جملہ مسائل حل ہو نگے۔ صدیق جہانگیر کے بھتیجے سردار عادل لطیف جوکہ یونیورسٹی آف مانچسٹر سے گریجویشن کر رہے تھے، گریجویشن کا امتحان امتیازی نمبرات کے ساتھ پاس کر لیا ہے اور اپنے علاقے کا نام روشن کیا۔ سیاسی قیدیوں سے جیلیں بھری جا رہی ہیں، ملک معاشی تباہی اور معاشی بحران کا شکار ہے، عوام کس طرح زندگی بسر کر رہے ہیں، میثاق جمہوریت ایک چارٹر تھا، ابھی بھی تاخیر نہیں ہوئی۔
